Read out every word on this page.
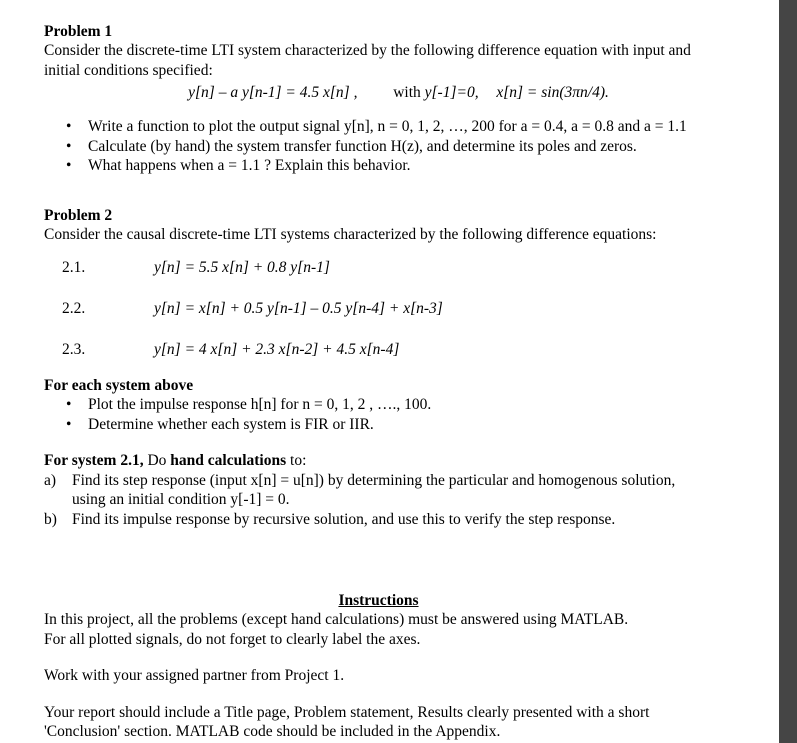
Problem 1

Consider the discrete-time LTI system characterized by the following difference equation with input and

initial conditions specified:

y[n] – a y[n-1] = 4.5 x[n] , with y[-1]=0, x[n] = sin(3πn/4).

• Write a function to plot the output signal y[n], n = 0, 1, 2, …, 200 for a = 0.4, a = 0.8 and a = 1.1
• Calculate (by hand) the system transfer function H(z), and determine its poles and zeros.
• What happens when a = 1.1 ? Explain this behavior.
Problem 2

Consider the causal discrete-time LTI systems characterized by the following difference equations:

2.1.	y[n] = 5.5 x[n] + 0.8 y[n-1]
2.2.	y[n] = x[n] + 0.5 y[n-1] – 0.5 y[n-4] + x[n-3]
2.3.	y[n] = 4 x[n] + 2.3 x[n-2] + 4.5 x[n-4]
For each system above
• Plot the impulse response h[n] for n = 0, 1, 2 , …., 100.
• Determine whether each system is FIR or IIR.

For system 2.1, Do hand calculations to:

a) Find its step response (input x[n] = u[n]) by determining the particular and homogenous solution,
using an initial condition y[-1] = 0.
b) Find its impulse response by recursive solution, and use this to verify the step response.

Instructions

In this project, all the problems (except hand calculations) must be answered using MATLAB.

For all plotted signals, do not forget to clearly label the axes.

Work with your assigned partner from Project 1.

Your report should include a Title page, Problem statement, Results clearly presented with a short

'Conclusion' section. MATLAB code should be included in the Appendix.
